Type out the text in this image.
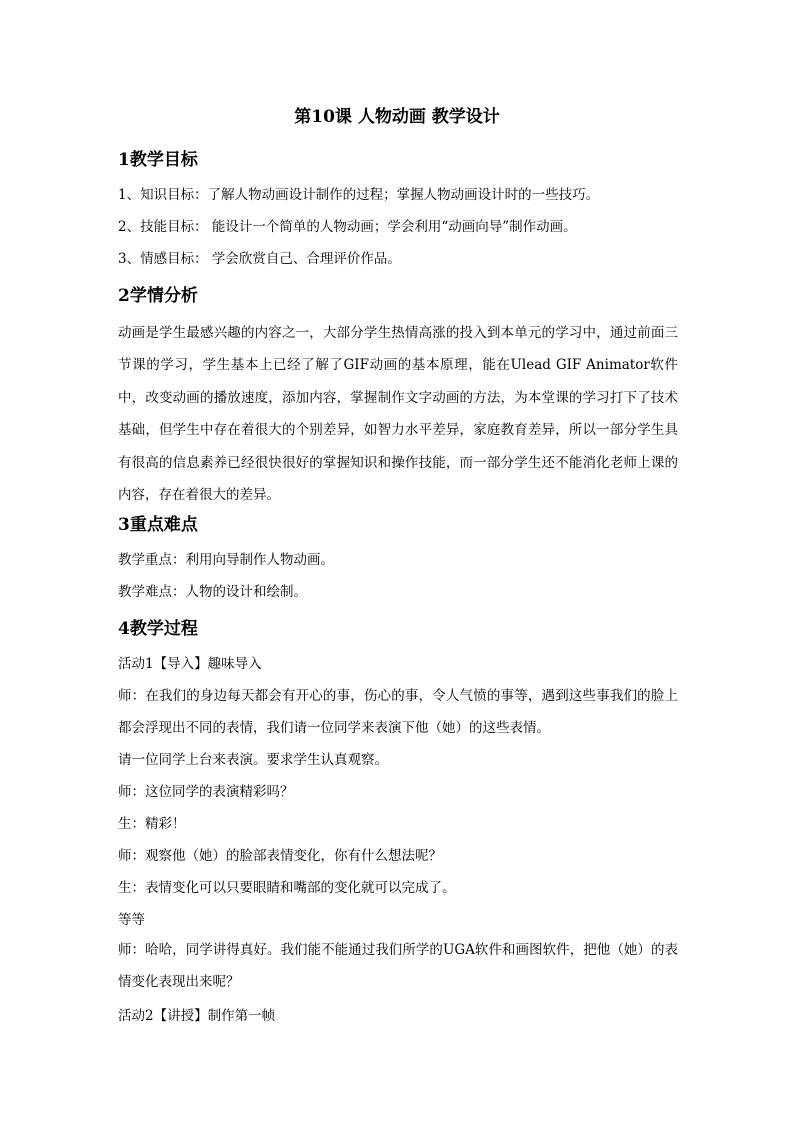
第10课 人物动画 教学设计
1教学目标
1、知识目标：了解人物动画设计制作的过程；掌握人物动画设计时的一些技巧。
2、技能目标： 能设计一个简单的人物动画；学会利用“动画向导”制作动画。
3、情感目标： 学会欣赏自己、合理评价作品。
2学情分析
动画是学生最感兴趣的内容之一，大部分学生热情高涨的投入到本单元的学习中，通过前面三节课的学习，学生基本上已经了解了GIF动画的基本原理，能在Ulead GIF Animator软件中，改变动画的播放速度，添加内容，掌握制作文字动画的方法，为本堂课的学习打下了技术基础，但学生中存在着很大的个别差异，如智力水平差异，家庭教育差异，所以一部分学生具有很高的信息素养已经很快很好的掌握知识和操作技能，而一部分学生还不能消化老师上课的内容，存在着很大的差异。
3重点难点
教学重点：利用向导制作人物动画。
教学难点：人物的设计和绘制。
4教学过程
活动1【导入】趣味导入
师：在我们的身边每天都会有开心的事，伤心的事，令人气愤的事等，遇到这些事我们的脸上都会浮现出不同的表情，我们请一位同学来表演下他（她）的这些表情。
请一位同学上台来表演。要求学生认真观察。
师：这位同学的表演精彩吗？
生：精彩！
师：观察他（她）的脸部表情变化，你有什么想法呢？
生：表情变化可以只要眼睛和嘴部的变化就可以完成了。
等等
师：哈哈，同学讲得真好。我们能不能通过我们所学的UGA软件和画图软件，把他（她）的表情变化表现出来呢？
活动2【讲授】制作第一帧
